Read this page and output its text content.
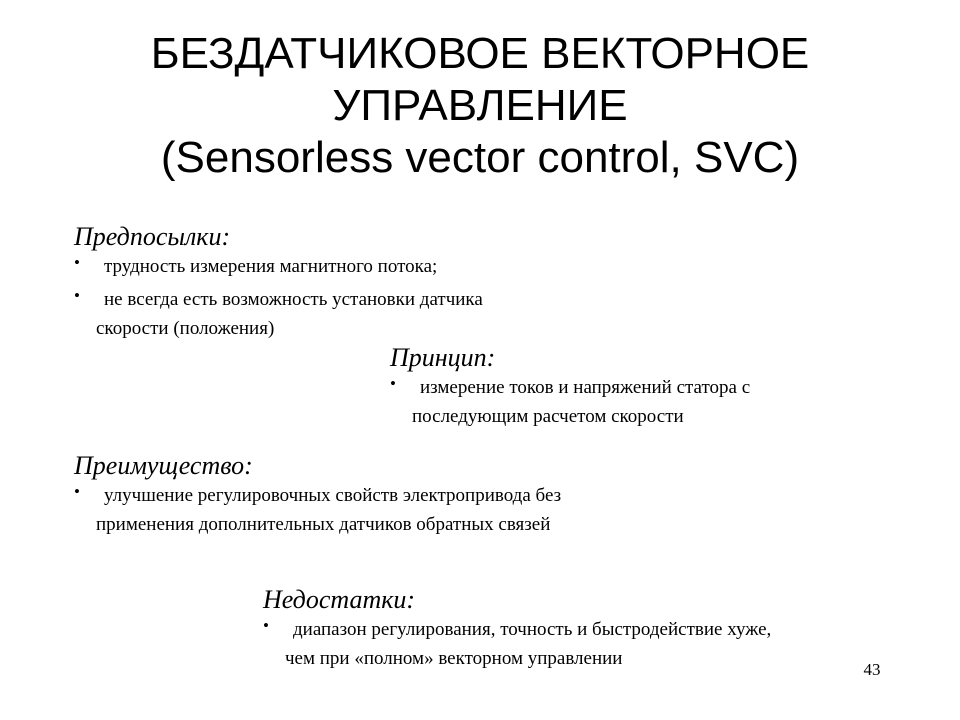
БЕЗДАТЧИКОВОЕ ВЕКТОРНОЕ
УПРАВЛЕНИЕ
(Sensorless vector control, SVC)

Предпосылки:

• трудность измерения магнитного потока;
• не всегда есть возможность установки датчика
скорости (положения)

Принцип:

• измерение токов и напряжений статора с
последующим расчетом скорости

Преимущество:

• улучшение регулировочных свойств электропривода без
применения дополнительных датчиков обратных связей

Недостатки:

• диапазон регулирования, точность и быстродействие хуже,
чем при «полном» векторном управлении
43
